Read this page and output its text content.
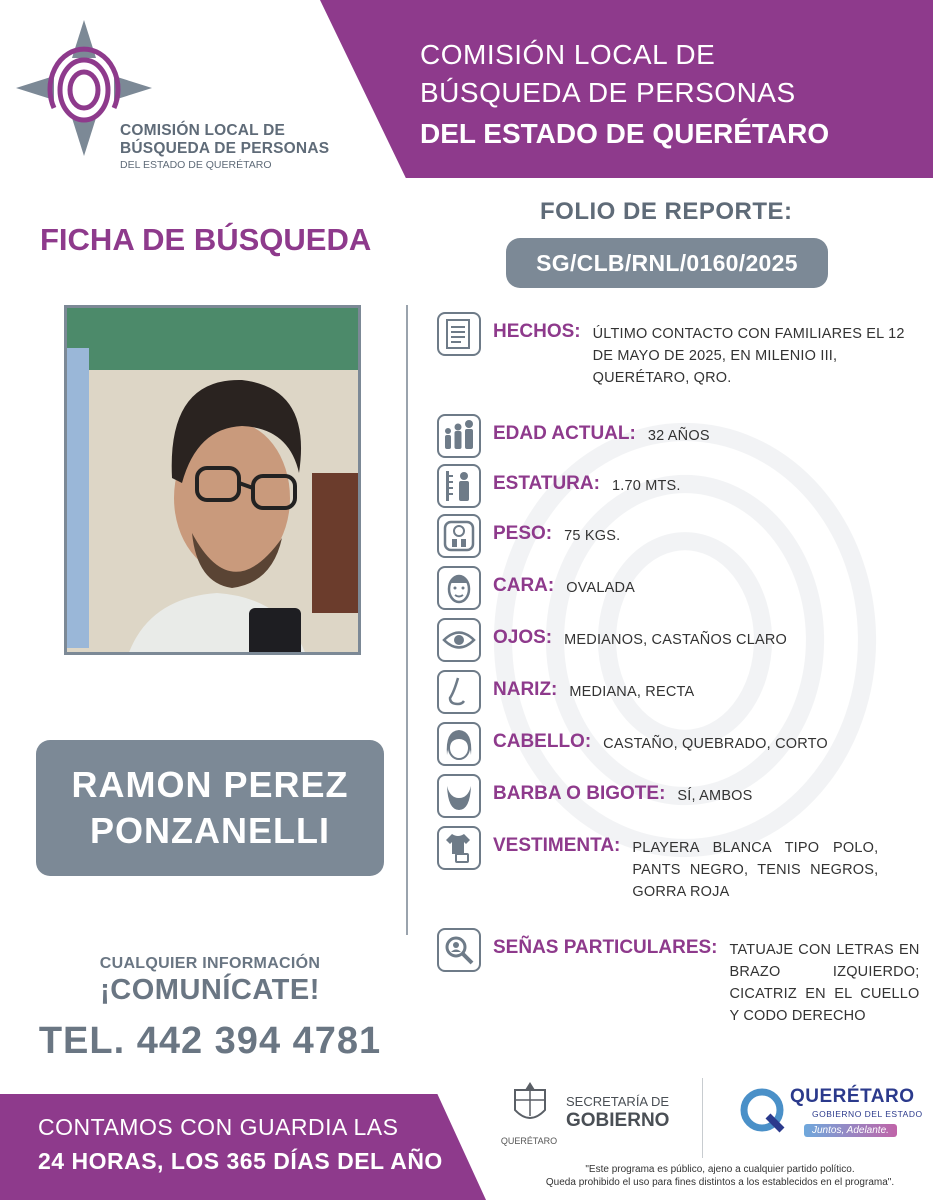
COMISIÓN LOCAL DE
BÚSQUEDA DE PERSONAS
DEL ESTADO DE QUERÉTARO
COMISIÓN LOCAL DE
BÚSQUEDA DE PERSONAS
DEL ESTADO DE QUERÉTARO
FICHA DE BÚSQUEDA
FOLIO DE REPORTE:
SG/CLB/RNL/0160/2025
RAMON PEREZ
PONZANELLI
HECHOS: ÚLTIMO CONTACTO CON FAMILIARES EL 12 DE MAYO DE 2025, EN MILENIO III, QUERÉTARO, QRO.
EDAD ACTUAL: 32 AÑOS
ESTATURA: 1.70 MTS.
PESO: 75 KGS.
CARA: OVALADA
OJOS: MEDIANOS, CASTAÑOS CLARO
NARIZ: MEDIANA, RECTA
CABELLO: CASTAÑO, QUEBRADO, CORTO
BARBA O BIGOTE: SÍ, AMBOS
VESTIMENTA: PLAYERA BLANCA TIPO POLO, PANTS NEGRO, TENIS NEGROS, GORRA ROJA
SEÑAS PARTICULARES: TATUAJE CON LETRAS EN BRAZO IZQUIERDO; CICATRIZ EN EL CUELLO Y CODO DERECHO
CUALQUIER INFORMACIÓN
¡COMUNÍCATE!
TEL. 442 394 4781
CONTAMOS CON GUARDIA LAS
24 HORAS, LOS 365 DÍAS DEL AÑO
QUERÉTARO
SECRETARÍA DE
GOBIERNO
QUERÉTARO
GOBIERNO DEL ESTADO
Juntos, Adelante.
"Este programa es público, ajeno a cualquier partido político.
Queda prohibido el uso para fines distintos a los establecidos en el programa".
